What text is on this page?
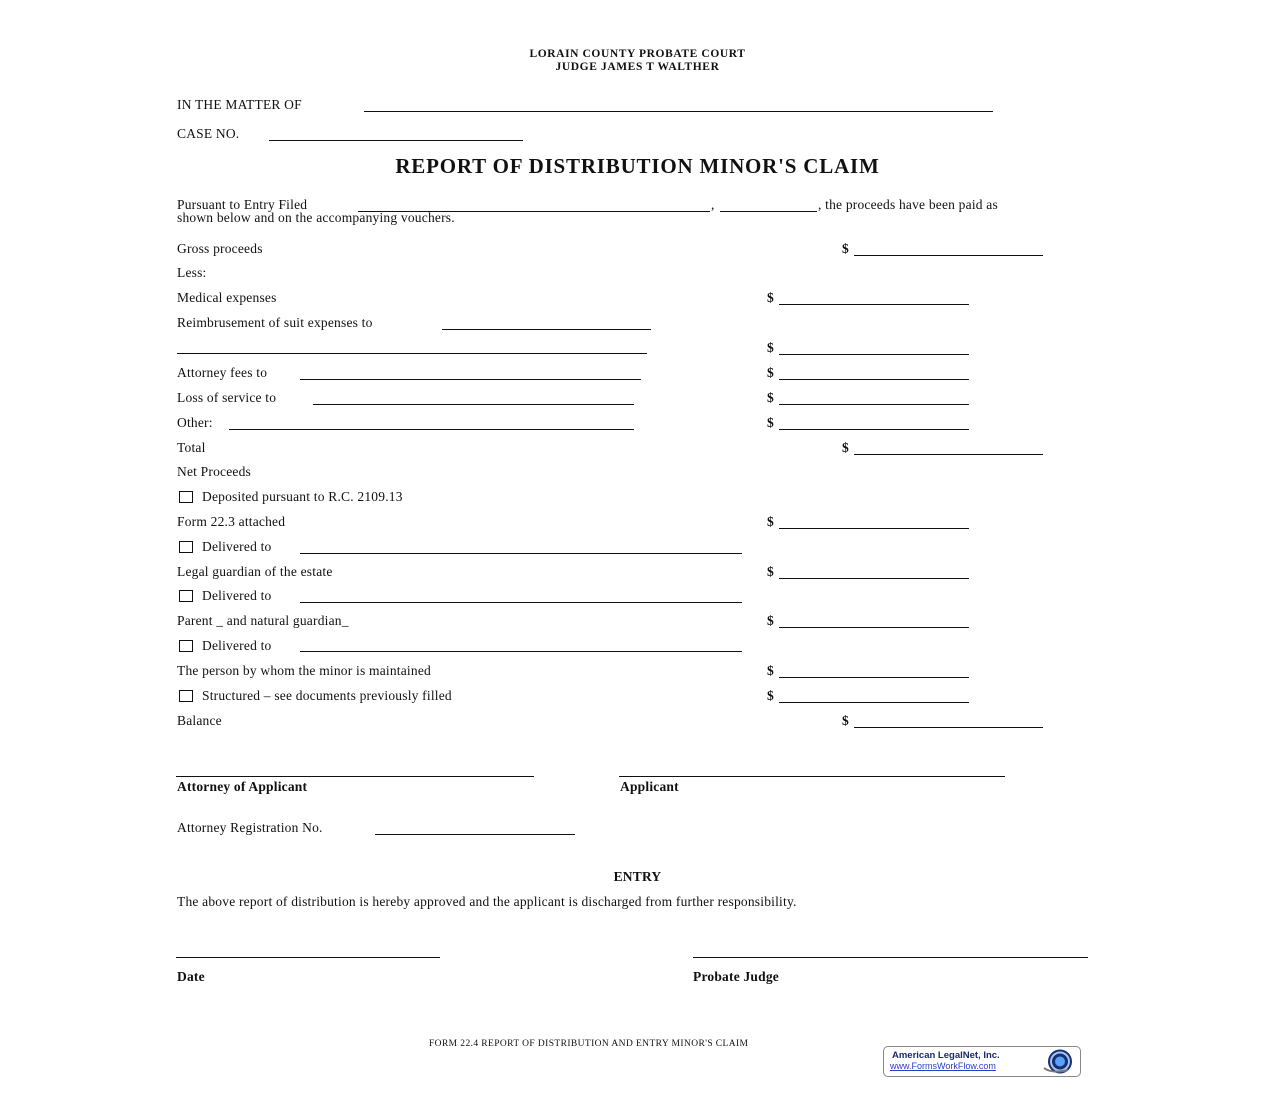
LORAIN COUNTY PROBATE COURT
JUDGE JAMES T WALTHER
IN THE MATTER OF
CASE NO.
REPORT OF DISTRIBUTION MINOR'S CLAIM
Pursuant to Entry Filed	,	, the proceeds have been paid as
shown below and on the accompanying vouchers.
Gross proceeds	$
Less:
Medical expenses	$
Reimbrusement of suit expenses to
$
Attorney fees to	$
Loss of service to	$
Other:	$
Total	$
Net Proceeds
Deposited pursuant to R.C. 2109.13
Form 22.3 attached	$
Delivered to
Legal guardian of the estate	$
Delivered to
Parent _ and natural guardian_	$
Delivered to
The person by whom the minor is maintained	$
Structured – see documents previously filled	$
Balance	$
Attorney of Applicant	Applicant
Attorney Registration No.
ENTRY
The above report of distribution is hereby approved and the applicant is discharged from further responsibility.
Date	Probate Judge
FORM 22.4 REPORT OF DISTRIBUTION AND ENTRY MINOR'S CLAIM
American LegalNet, Inc.
www.FormsWorkFlow.com
